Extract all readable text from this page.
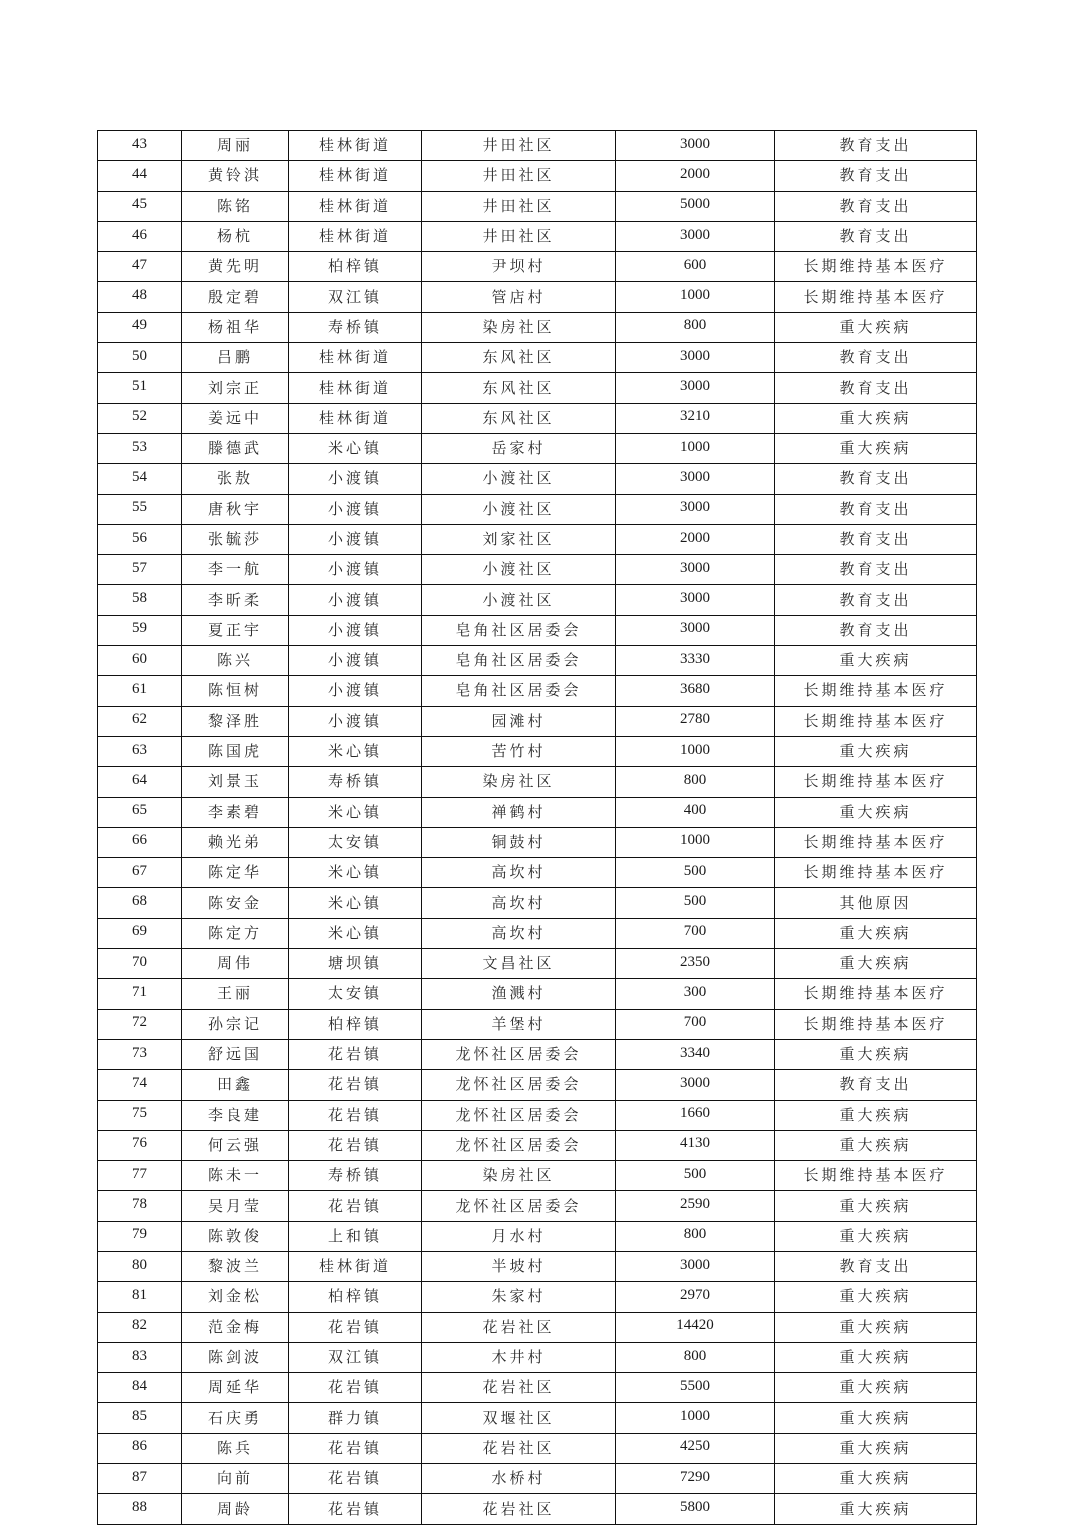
43	周丽	桂林街道	井田社区	3000	教育支出
44	黄铃淇	桂林街道	井田社区	2000	教育支出
45	陈铭	桂林街道	井田社区	5000	教育支出
46	杨杭	桂林街道	井田社区	3000	教育支出
47	黄先明	柏梓镇	尹坝村	600	长期维持基本医疗
48	殷定碧	双江镇	管店村	1000	长期维持基本医疗
49	杨祖华	寿桥镇	染房社区	800	重大疾病
50	吕鹏	桂林街道	东风社区	3000	教育支出
51	刘宗正	桂林街道	东风社区	3000	教育支出
52	姜远中	桂林街道	东风社区	3210	重大疾病
53	滕德武	米心镇	岳家村	1000	重大疾病
54	张敖	小渡镇	小渡社区	3000	教育支出
55	唐秋宇	小渡镇	小渡社区	3000	教育支出
56	张毓莎	小渡镇	刘家社区	2000	教育支出
57	李一航	小渡镇	小渡社区	3000	教育支出
58	李昕柔	小渡镇	小渡社区	3000	教育支出
59	夏正宇	小渡镇	皂角社区居委会	3000	教育支出
60	陈兴	小渡镇	皂角社区居委会	3330	重大疾病
61	陈恒树	小渡镇	皂角社区居委会	3680	长期维持基本医疗
62	黎泽胜	小渡镇	园滩村	2780	长期维持基本医疗
63	陈国虎	米心镇	苦竹村	1000	重大疾病
64	刘景玉	寿桥镇	染房社区	800	长期维持基本医疗
65	李素碧	米心镇	禅鹤村	400	重大疾病
66	赖光弟	太安镇	铜鼓村	1000	长期维持基本医疗
67	陈定华	米心镇	高坎村	500	长期维持基本医疗
68	陈安金	米心镇	高坎村	500	其他原因
69	陈定方	米心镇	高坎村	700	重大疾病
70	周伟	塘坝镇	文昌社区	2350	重大疾病
71	王丽	太安镇	渔溅村	300	长期维持基本医疗
72	孙宗记	柏梓镇	羊堡村	700	长期维持基本医疗
73	舒远国	花岩镇	龙怀社区居委会	3340	重大疾病
74	田鑫	花岩镇	龙怀社区居委会	3000	教育支出
75	李良建	花岩镇	龙怀社区居委会	1660	重大疾病
76	何云强	花岩镇	龙怀社区居委会	4130	重大疾病
77	陈未一	寿桥镇	染房社区	500	长期维持基本医疗
78	吴月莹	花岩镇	龙怀社区居委会	2590	重大疾病
79	陈敦俊	上和镇	月水村	800	重大疾病
80	黎波兰	桂林街道	半坡村	3000	教育支出
81	刘金松	柏梓镇	朱家村	2970	重大疾病
82	范金梅	花岩镇	花岩社区	14420	重大疾病
83	陈剑波	双江镇	木井村	800	重大疾病
84	周延华	花岩镇	花岩社区	5500	重大疾病
85	石庆勇	群力镇	双堰社区	1000	重大疾病
86	陈兵	花岩镇	花岩社区	4250	重大疾病
87	向前	花岩镇	水桥村	7290	重大疾病
88	周龄	花岩镇	花岩社区	5800	重大疾病
